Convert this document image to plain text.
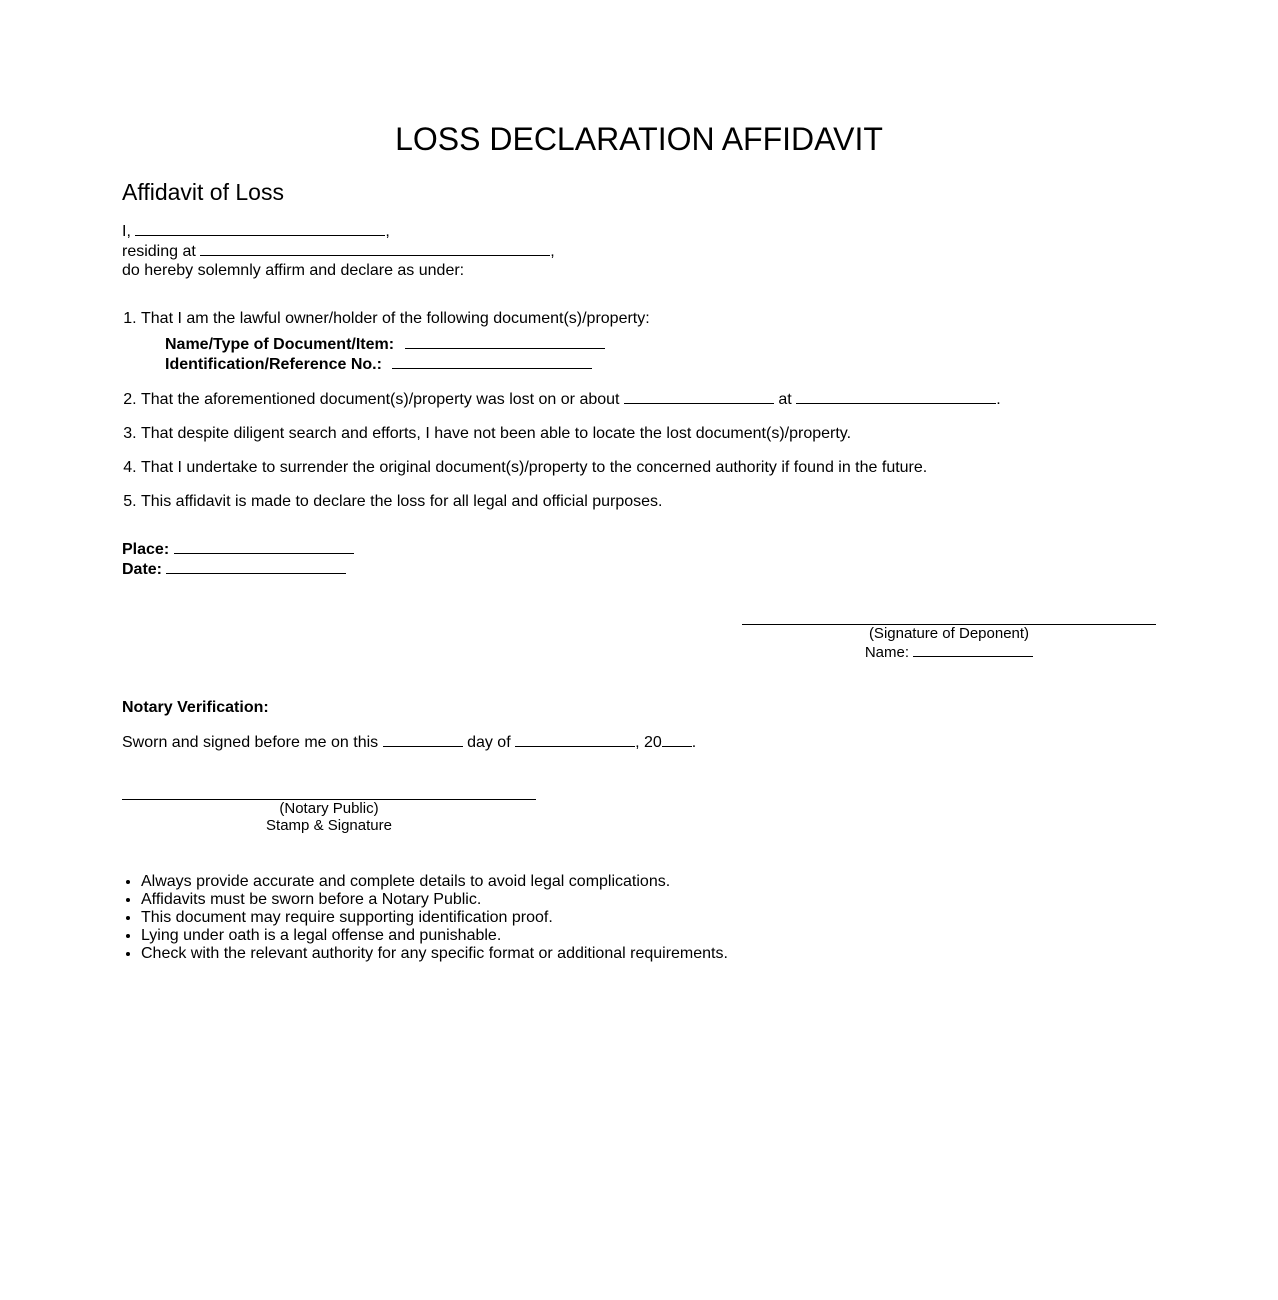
LOSS DECLARATION AFFIDAVIT
Affidavit of Loss
I,	,
residing at	,
do hereby solemnly affirm and declare as under:
1. That I am the lawful owner/holder of the following document(s)/property:
Name/Type of Document/Item:
Identification/Reference No.:
2. That the aforementioned document(s)/property was lost on or about	at	.
3. That despite diligent search and efforts, I have not been able to locate the lost document(s)/property.
4. That I undertake to surrender the original document(s)/property to the concerned authority if found in the future.
5. This affidavit is made to declare the loss for all legal and official purposes.
Place:
Date:
(Signature of Deponent)
Name:
Notary Verification:
Sworn and signed before me on this	day of	, 20 .
(Notary Public)
Stamp & Signature
• Always provide accurate and complete details to avoid legal complications.
• Affidavits must be sworn before a Notary Public.
• This document may require supporting identification proof.
• Lying under oath is a legal offense and punishable.
• Check with the relevant authority for any specific format or additional requirements.
